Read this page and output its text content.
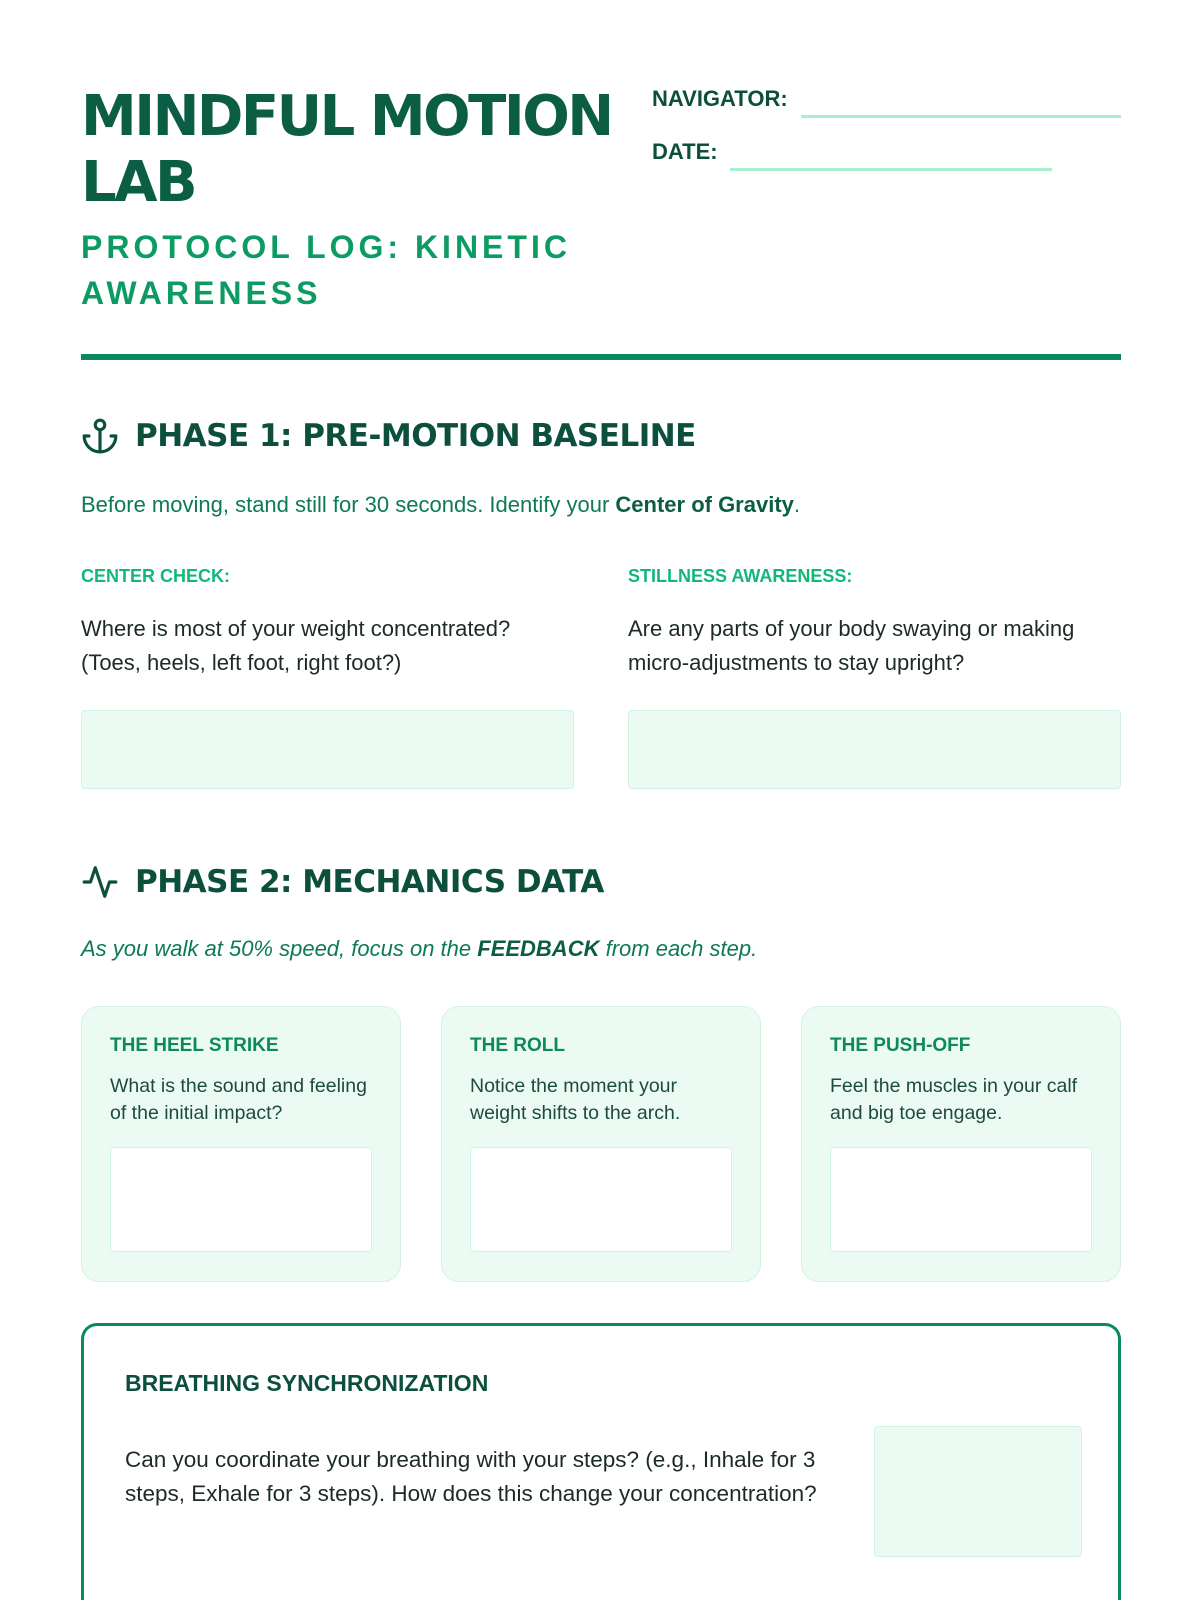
MINDFUL MOTION LAB
PROTOCOL LOG: KINETIC AWARENESS
NAVIGATOR:
DATE:
PHASE 1: PRE-MOTION BASELINE
Before moving, stand still for 30 seconds. Identify your Center of Gravity.
CENTER CHECK:
Where is most of your weight concentrated? (Toes, heels, left foot, right foot?)
STILLNESS AWARENESS:
Are any parts of your body swaying or making micro-adjustments to stay upright?
PHASE 2: MECHANICS DATA
As you walk at 50% speed, focus on the FEEDBACK from each step.
THE HEEL STRIKE
What is the sound and feeling of the initial impact?
THE ROLL
Notice the moment your weight shifts to the arch.
THE PUSH-OFF
Feel the muscles in your calf and big toe engage.
BREATHING SYNCHRONIZATION
Can you coordinate your breathing with your steps? (e.g., Inhale for 3 steps, Exhale for 3 steps). How does this change your concentration?
